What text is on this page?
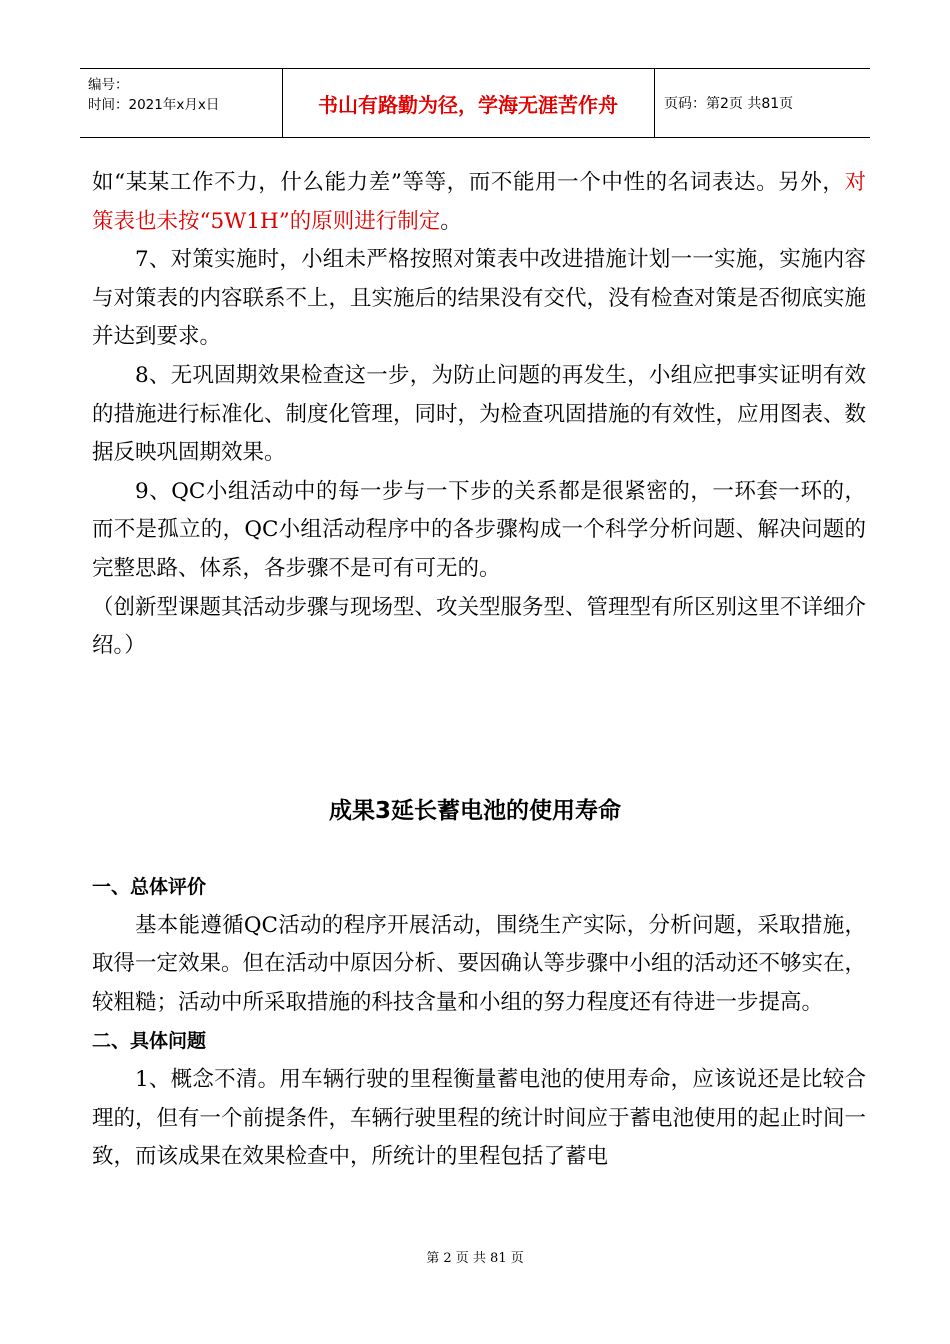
编号：
时间：2021年x月x日	书山有路勤为径，学海无涯苦作舟	页码：第2页 共81页

如“某某工作不力，什么能力差”等等，而不能用一个中性的名词表达。另外，对策表也未按“5W1H”的原则进行制定。

7、对策实施时，小组未严格按照对策表中改进措施计划一一实施，实施内容与对策表的内容联系不上，且实施后的结果没有交代，没有检查对策是否彻底实施并达到要求。

8、无巩固期效果检查这一步，为防止问题的再发生，小组应把事实证明有效的措施进行标准化、制度化管理，同时，为检查巩固措施的有效性，应用图表、数据反映巩固期效果。

9、QC小组活动中的每一步与一下步的关系都是很紧密的，一环套一环的，而不是孤立的，QC小组活动程序中的各步骤构成一个科学分析问题、解决问题的完整思路、体系，各步骤不是可有可无的。

（创新型课题其活动步骤与现场型、攻关型服务型、管理型有所区别这里不详细介绍。）

成果3延长蓄电池的使用寿命

一、总体评价

基本能遵循QC活动的程序开展活动，围绕生产实际，分析问题，采取措施，取得一定效果。但在活动中原因分析、要因确认等步骤中小组的活动还不够实在，较粗糙；活动中所采取措施的科技含量和小组的努力程度还有待进一步提高。

二、具体问题

1、概念不清。用车辆行驶的里程衡量蓄电池的使用寿命，应该说还是比较合理的，但有一个前提条件，车辆行驶里程的统计时间应于蓄电池使用的起止时间一致，而该成果在效果检查中，所统计的里程包括了蓄电

第 2 页 共 81 页
